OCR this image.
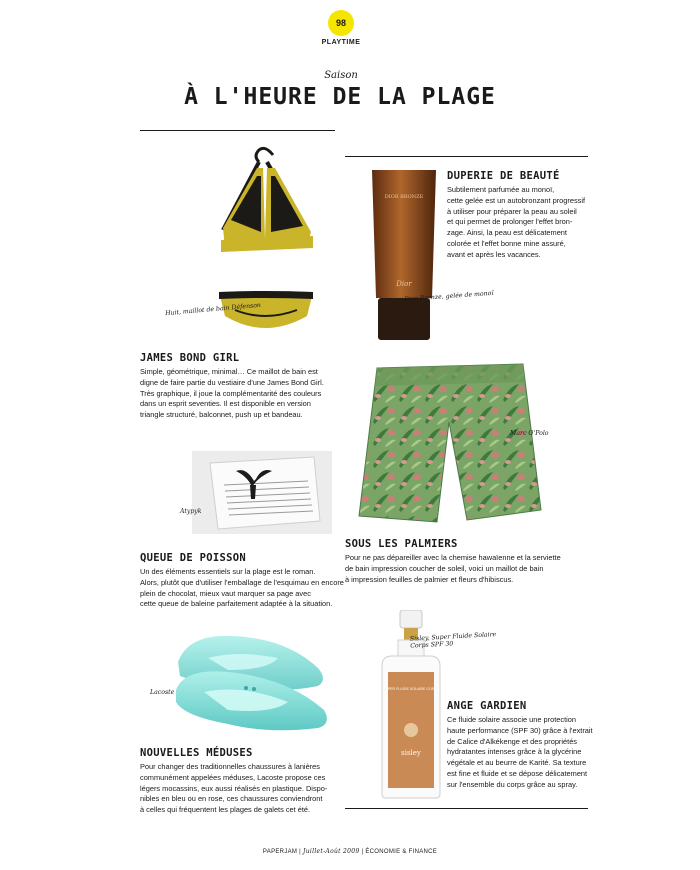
98
PLAYTIME
Saison
À L'HEURE DE LA PLAGE
Huit, maillot de bain Défenson
JAMES BOND GIRL
Simple, géométrique, minimal… Ce maillot de bain est
digne de faire partie du vestiaire d'une James Bond Girl.
Très graphique, il joue la complémentarité des couleurs
dans un esprit seventies. Il est disponible en version
triangle structuré, balconnet, push up et bandeau.
DIOR BRONZE
Dior
Dior Bronze, gelée de monoï
DUPERIE DE BEAUTÉ
Subtilement parfumée au monoï,
cette gelée est un autobronzant progressif
à utiliser pour préparer la peau au soleil
et qui permet de prolonger l'effet bron-
zage. Ainsi, la peau est délicatement
colorée et l'effet bonne mine assuré,
avant et après les vacances.
Marc O'Polo
SOUS LES PALMIERS
Pour ne pas dépareiller avec la chemise hawaïenne et la serviette
de bain impression coucher de soleil, voici un maillot de bain
à impression feuilles de palmier et fleurs d'hibiscus.
Atypyk
QUEUE DE POISSON
Un des éléments essentiels sur la plage est le roman.
Alors, plutôt que d'utiliser l'emballage de l'esquimau en encore
plein de chocolat, mieux vaut marquer sa page avec
cette queue de baleine parfaitement adaptée à la situation.
Lacoste
NOUVELLES MÉDUSES
Pour changer des traditionnelles chaussures à lanières
communément appelées méduses, Lacoste propose ces
légers mocassins, eux aussi réalisés en plastique. Dispo-
nibles en bleu ou en rose, ces chaussures conviendront
à celles qui fréquentent les plages de galets cet été.
SUPER FLUIDE SOLAIRE CORPS
sisley
Sisley, Super Fluide Solaire Corps SPF 30
ANGE GARDIEN
Ce fluide solaire associe une protection
haute performance (SPF 30) grâce à l'extrait
de Calice d'Alkékenge et des propriétés
hydratantes intenses grâce à la glycérine
végétale et au beurre de Karité. Sa texture
est fine et fluide et se dépose délicatement
sur l'ensemble du corps grâce au spray.
PAPERJAM | Juillet-Août 2009 | ÉCONOMIE & FINANCE
